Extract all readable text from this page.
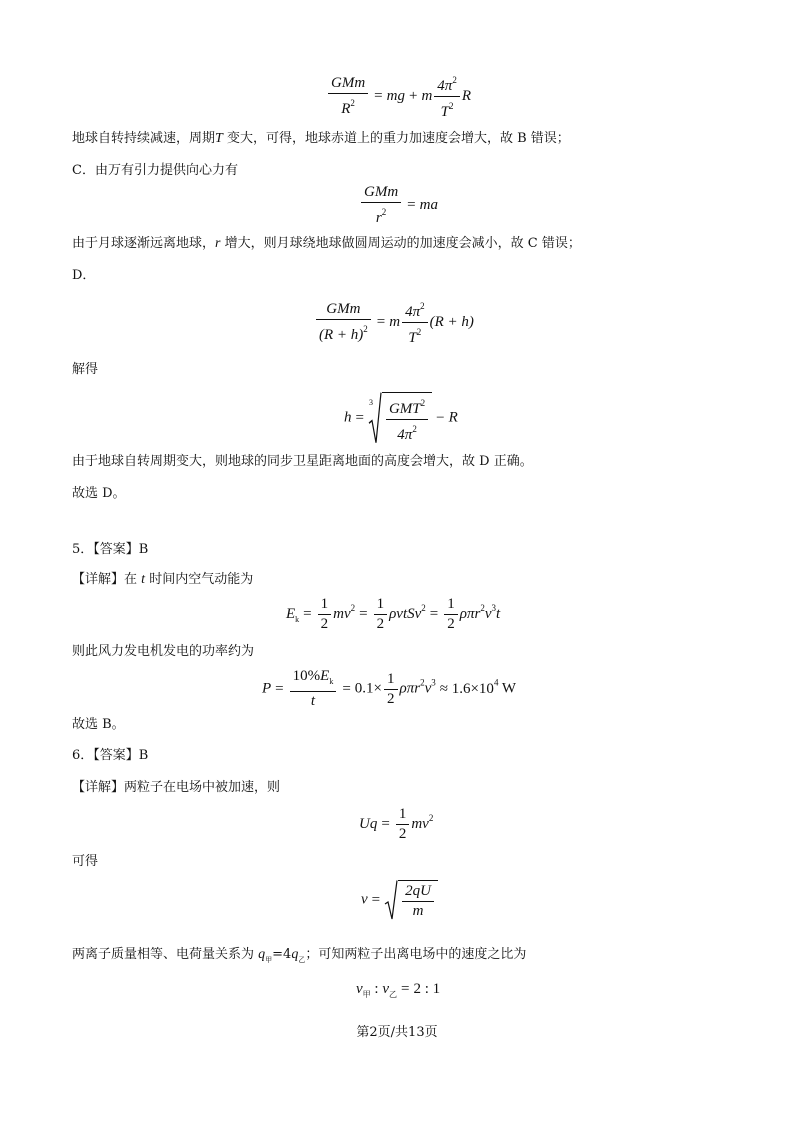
$\frac{\text{GMm}}{R^2}$ = mg + m $\frac{4\pi^2}{T^2}$ R
地球自转持续减速，周期T 变大，可得，地球赤道上的重力加速度会增大，故 B 错误；
C．由万有引力提供向心力有
$\frac{\text{GMm}}{r^2}$ = ma
由于月球逐渐远离地球，r 增大，则月球绕地球做圆周运动的加速度会减小，故 C 错误；
D．
$\frac{\text{GMm}}{(R + h)^2} = m \frac{4\pi^2}{T^2} (R + h)$
解得
h =
$3 \frac{GMT^2}{4\pi^2} - R$
由于地球自转周期变大，则地球的同步卫星距离地面的高度会增大，故 D 正确。
故选 D。
5．【答案】B
【详解】在 t 时间内空气动能为
$E_k = \frac{1}{2} mv^2 = \frac{1}{2}$ ρvtSv$^2$ = $\frac{1}{2} \rho\pi r^2v^3t$
则此风力发电机发电的功率约为
$P = \frac{10\%E_k}{t} = 0.1\times \frac{1}{2} \rho\pi r^2v^3 \approx 1.6\times 10^4$ W
故选 B。
6．【答案】B
【详解】两粒子在电场中被加速，则
$Uq = \frac{1}{2} mv^2$
可得
$v = \frac{2qU}{m}$
两离子质量相等、电荷量关系为 $q_甲=4q_乙$；可知两粒子出离电场中的速度之比为
$v_甲$ : $v_乙 = 2$ : 1
第2页/共13页
